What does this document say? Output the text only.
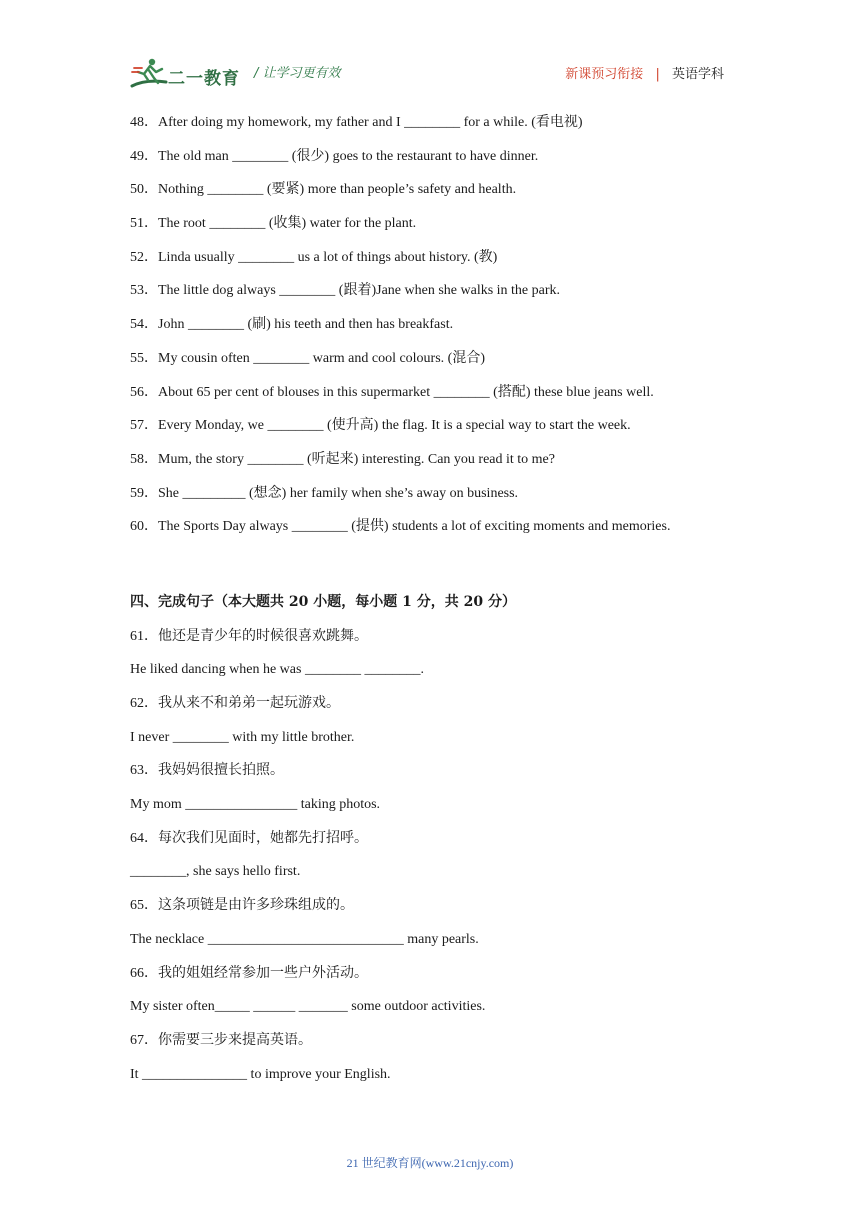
二一教育 / 让学习更有效	新课预习衔接 | 英语学科
48．After doing my homework, my father and I ________ for a while. (看电视)
49．The old man ________ (很少) goes to the restaurant to have dinner.
50．Nothing ________ (要紧) more than people’s safety and health.
51．The root ________ (收集) water for the plant.
52．Linda usually ________ us a lot of things about history. (教)
53．The little dog always ________ (跟着)Jane when she walks in the park.
54．John ________ (刷) his teeth and then has breakfast.
55．My cousin often ________ warm and cool colours. (混合)
56．About 65 per cent of blouses in this supermarket ________ (搭配) these blue jeans well.
57．Every Monday, we ________ (使升高) the flag. It is a special way to start the week.
58．Mum, the story ________ (听起来) interesting. Can you read it to me?
59．She _________ (想念) her family when she’s away on business.
60．The Sports Day always ________ (提供) students a lot of exciting moments and memories.
四、完成句子（本大题共 20 小题，每小题 1 分，共 20 分）
61．他还是青少年的时候很喜欢跳舞。
He liked dancing when he was ________ ________.
62．我从来不和弟弟一起玩游戏。
I never ________ with my little brother.
63．我妈妈很擅长拍照。
My mom ________________ taking photos.
64．每次我们见面时，她都先打招呼。
________, she says hello first.
65．这条项链是由许多珍珠组成的。
The necklace ____________________________ many pearls.
66．我的姐姐经常参加一些户外活动。
My sister often_____ ______ _______ some outdoor activities.
67．你需要三步来提高英语。
It _______________ to improve your English.
21 世纪教育网(www.21cnjy.com)
